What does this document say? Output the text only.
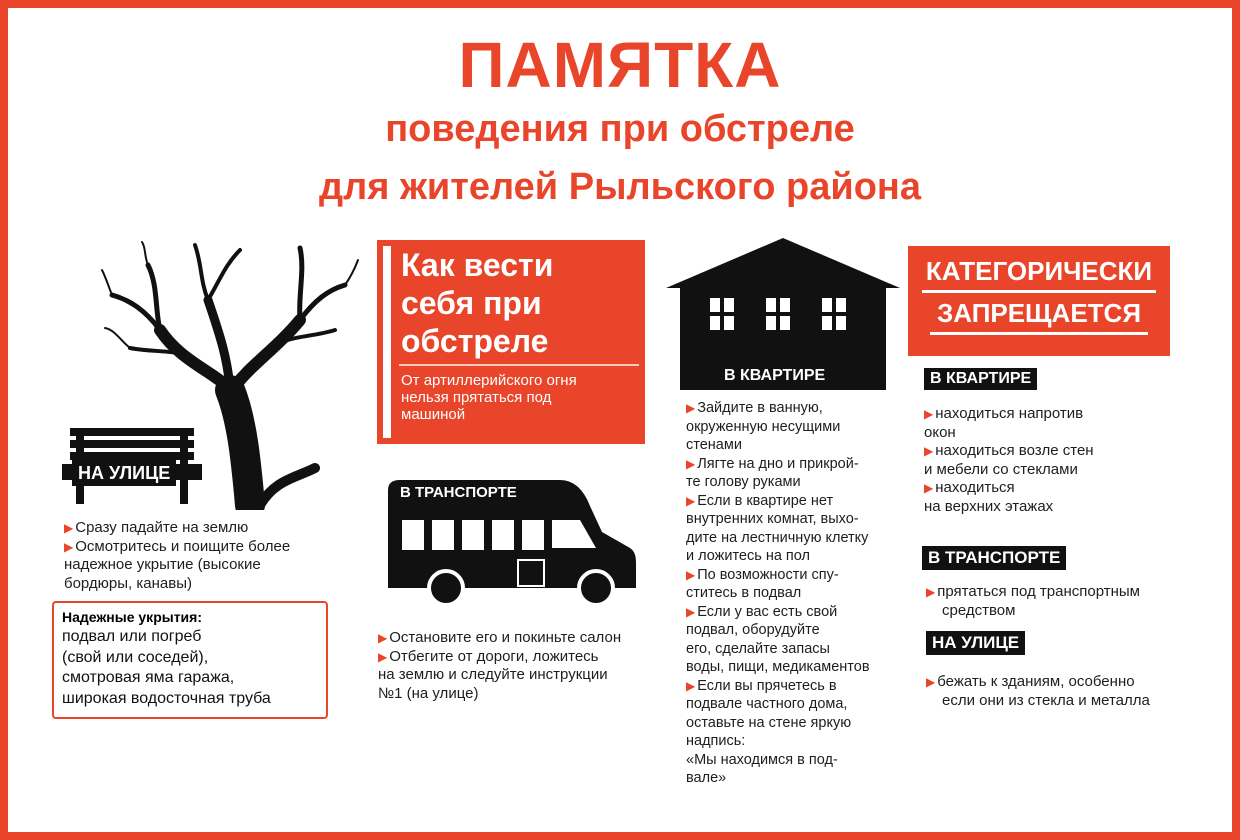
ПАМЯТКА
поведения при обстреле
для жителей Рыльского района
НА УЛИЦЕ
▶ Сразу падайте на землю
▶ Осмотритесь и поищите более
надежное укрытие (высокие
бордюры, канавы)
Надежные укрытия:
подвал или погреб
(свой или соседей),
смотровая яма гаража,
широкая водосточная труба
Как вести
себя при
обстреле
От артиллерийского огня
нельзя прятаться под
машиной
В ТРАНСПОРТЕ
▶ Остановите его и покиньте салон
▶ Отбегите от дороги, ложитесь
на землю и следуйте инструкции
№1 (на улице)
В КВАРТИРЕ
▶ Зайдите в ванную,
окруженную несущими
стенами
▶ Лягте на дно и прикрой-
те голову руками
▶ Если в квартире нет
внутренних комнат, выхо-
дите на лестничную клетку
и ложитесь на пол
▶ По возможности спу-
ститесь в подвал
▶ Если у вас есть свой
подвал, оборудуйте
его, сделайте запасы
воды, пищи, медикаментов
▶ Если вы прячетесь в
подвале частного дома,
оставьте на стене яркую
надпись:
«Мы находимся в под-
вале»
КАТЕГОРИЧЕСКИ
ЗАПРЕЩАЕТСЯ
В КВАРТИРЕ
▶ находиться напротив
окон
▶ находиться возле стен
и мебели со стеклами
▶ находиться
на верхних этажах
В ТРАНСПОРТЕ
▶ прятаться под транспортным
средством
НА УЛИЦЕ
▶ бежать к зданиям, особенно
если они из стекла и металла
